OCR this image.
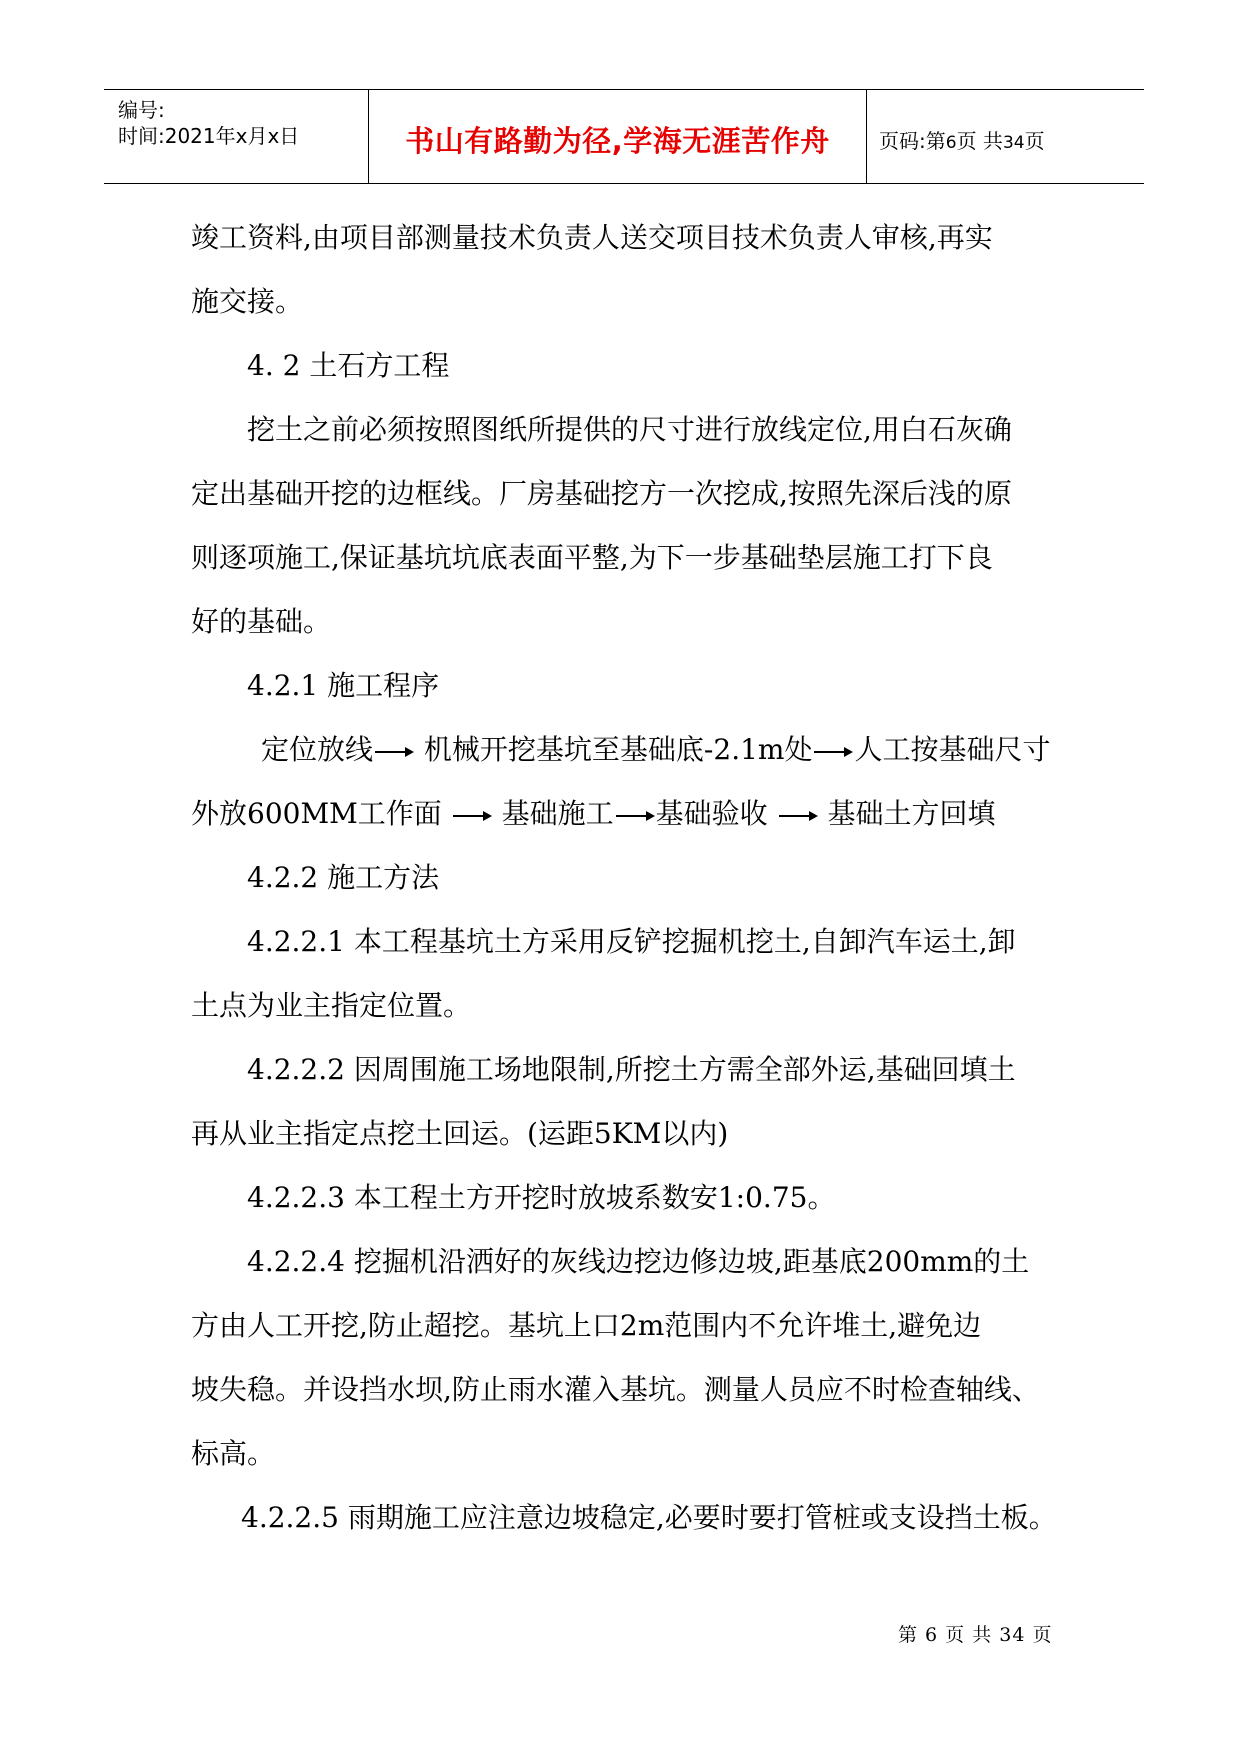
编号:
时间:2021年x月x日	书山有路勤为径,学海无涯苦作舟	页码:第6页 共34页
竣工资料,由项目部测量技术负责人送交项目技术负责人审核,再实
施交接。
4. 2 土石方工程
挖土之前必须按照图纸所提供的尺寸进行放线定位,用白石灰确
定出基础开挖的边框线。厂房基础挖方一次挖成,按照先深后浅的原
则逐项施工,保证基坑坑底表面平整,为下一步基础垫层施工打下良
好的基础。
4.2.1 施工程序
定位放线 机械开挖基坑至基础底-2.1m处 人工按基础尺寸
外放600MM工作面 基础施工 基础验收 基础土方回填
4.2.2 施工方法
4.2.2.1 本工程基坑土方采用反铲挖掘机挖土,自卸汽车运土,卸
土点为业主指定位置。
4.2.2.2 因周围施工场地限制,所挖土方需全部外运,基础回填土
再从业主指定点挖土回运。(运距5KM以内)
4.2.2.3 本工程土方开挖时放坡系数安1:0.75。
4.2.2.4 挖掘机沿洒好的灰线边挖边修边坡,距基底200mm的土
方由人工开挖,防止超挖。基坑上口2m范围内不允许堆土,避免边
坡失稳。并设挡水坝,防止雨水灌入基坑。测量人员应不时检查轴线、
标高。
4.2.2.5 雨期施工应注意边坡稳定,必要时要打管桩或支设挡土板。
第 6 页 共 34 页
